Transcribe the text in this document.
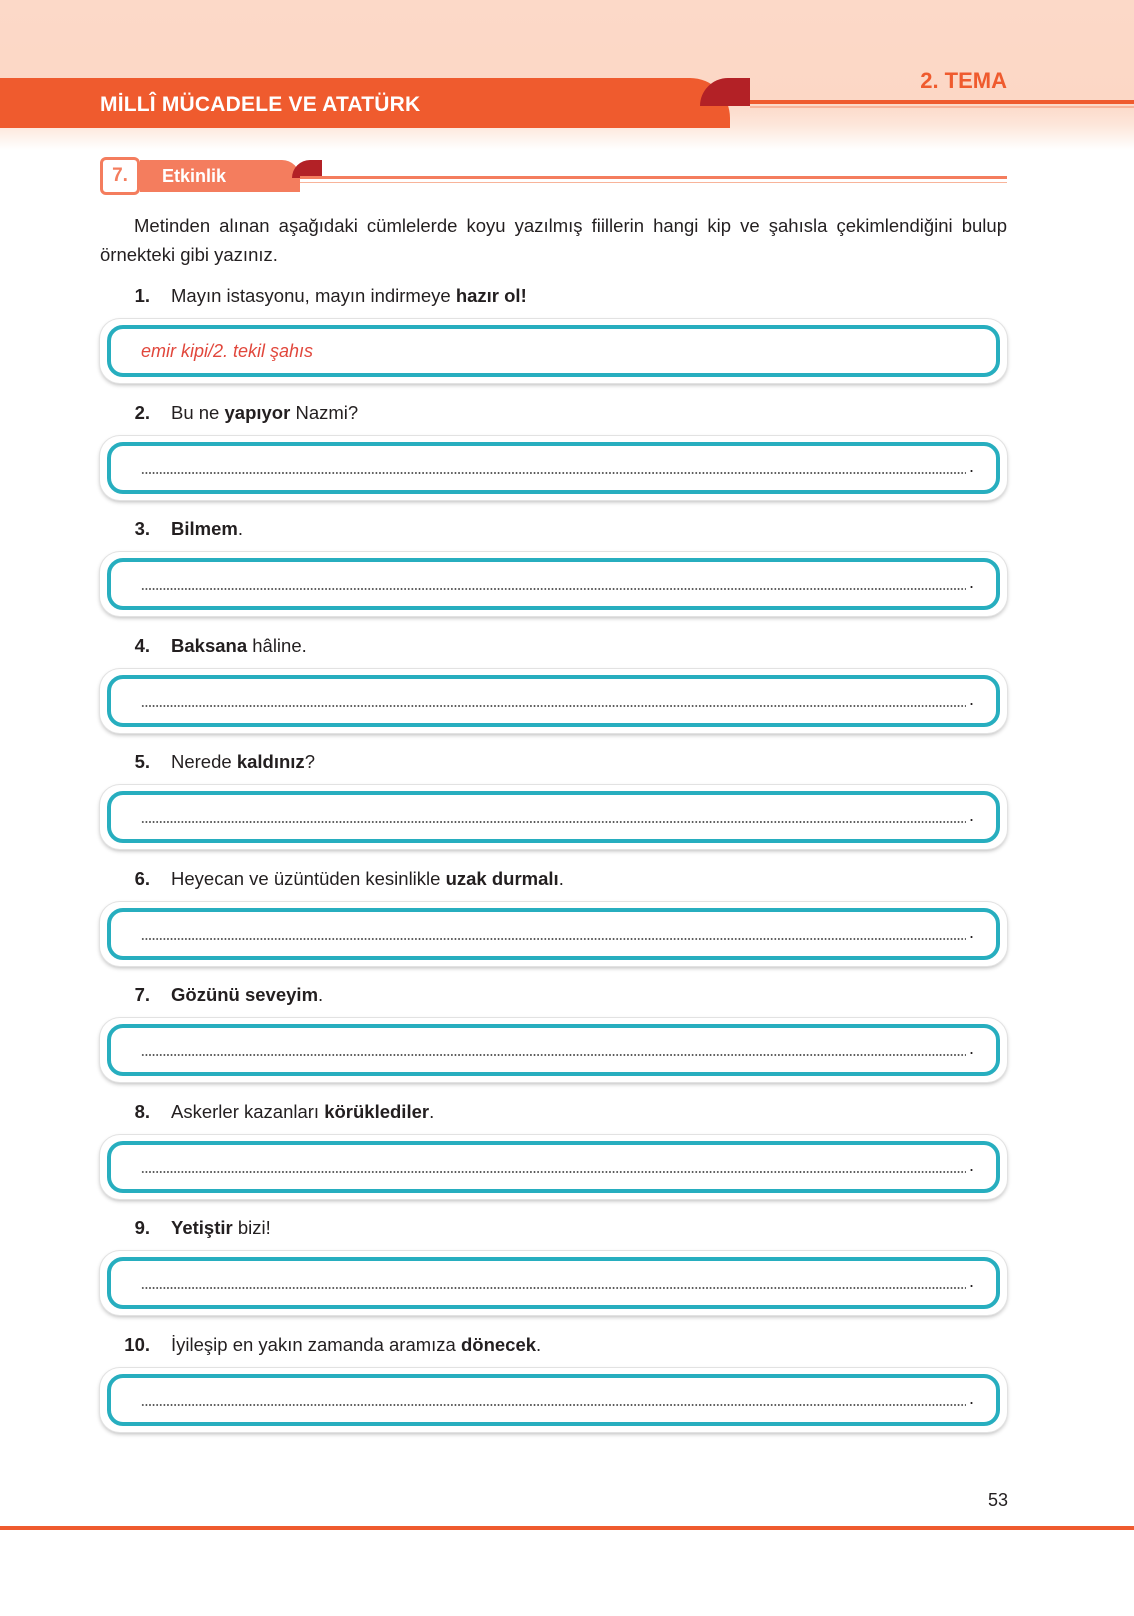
MİLLÎ MÜCADELE VE ATATÜRK
2. TEMA
7.	Etkinlik

Metinden alınan aşağıdaki cümlelerde koyu yazılmış fiillerin hangi kip ve şahısla çekimlendiğini bulup örnekteki gibi yazınız.

1. Mayın istasyonu, mayın indirmeye hazır ol!
emir kipi/2. tekil şahıs
2. Bu ne yapıyor Nazmi?
.
3. Bilmem.
.
4. Baksana hâline.
.
5. Nerede kaldınız?
.
6. Heyecan ve üzüntüden kesinlikle uzak durmalı.
.
7. Gözünü seveyim.
.
8. Askerler kazanları körüklediler.
.
9. Yetiştir bizi!
.
10. İyileşip en yakın zamanda aramıza dönecek.
.
53
